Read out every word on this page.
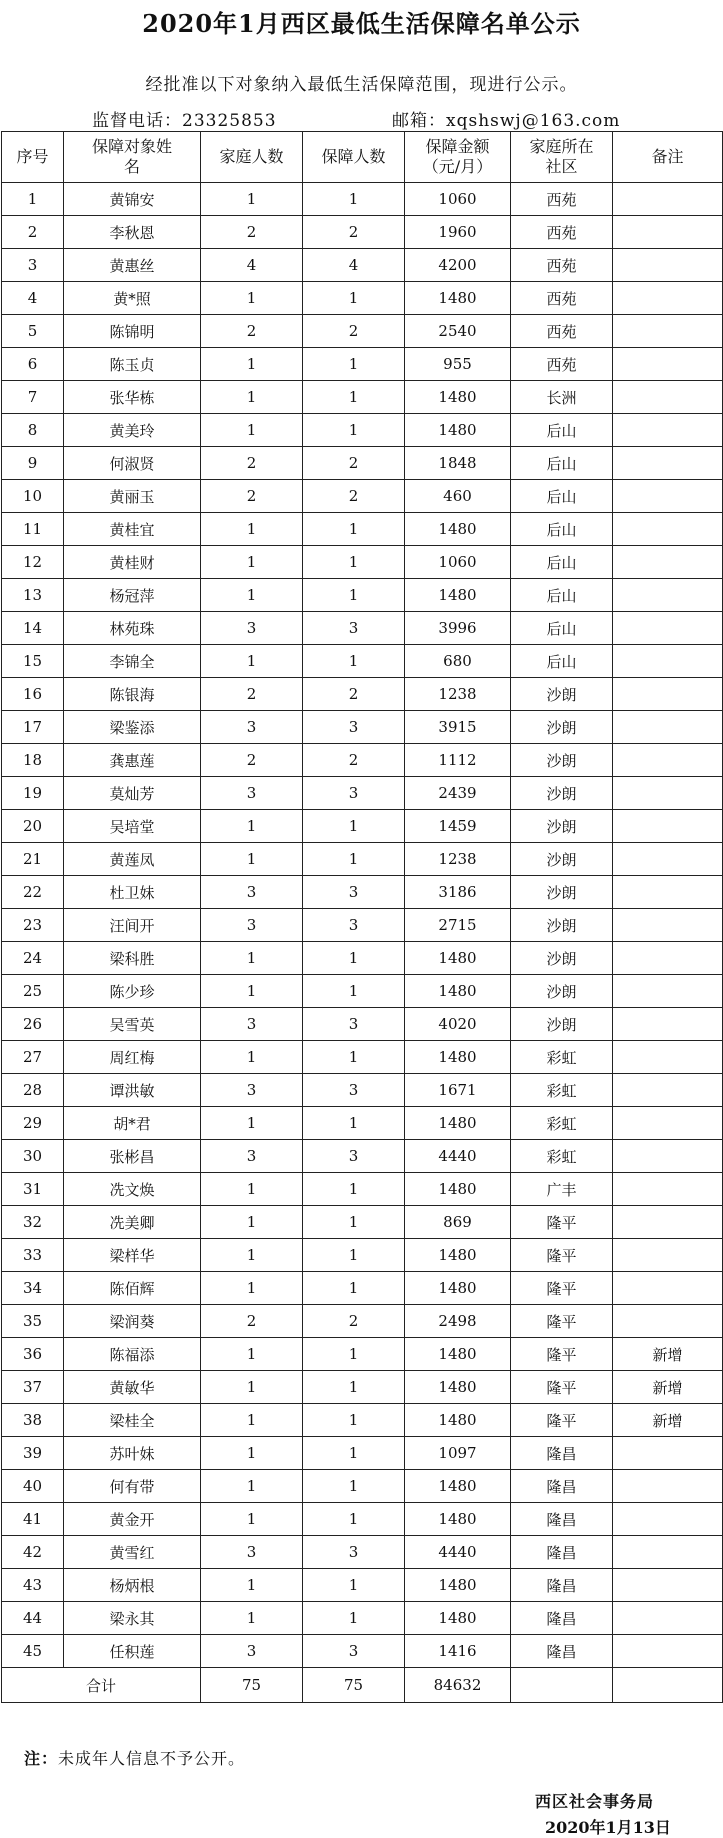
2020年1月西区最低生活保障名单公示
经批准以下对象纳入最低生活保障范围，现进行公示。
监督电话：23325853	邮箱：xqshswj@163.com
序号	保障对象姓名	家庭人数	保障人数	保障金额（元/月）	家庭所在社区	备注
1	黄锦安	1	1	1060	西苑	
2	李秋恩	2	2	1960	西苑	
3	黄惠丝	4	4	4200	西苑	
4	黄*照	1	1	1480	西苑	
5	陈锦明	2	2	2540	西苑	
6	陈玉贞	1	1	955	西苑	
7	张华栋	1	1	1480	长洲	
8	黄美玲	1	1	1480	后山	
9	何淑贤	2	2	1848	后山	
10	黄丽玉	2	2	460	后山	
11	黄桂宜	1	1	1480	后山	
12	黄桂财	1	1	1060	后山	
13	杨冠萍	1	1	1480	后山	
14	林苑珠	3	3	3996	后山	
15	李锦全	1	1	680	后山	
16	陈银海	2	2	1238	沙朗	
17	梁鉴添	3	3	3915	沙朗	
18	龚惠莲	2	2	1112	沙朗	
19	莫灿芳	3	3	2439	沙朗	
20	吴培堂	1	1	1459	沙朗	
21	黄莲凤	1	1	1238	沙朗	
22	杜卫妹	3	3	3186	沙朗	
23	汪间开	3	3	2715	沙朗	
24	梁科胜	1	1	1480	沙朗	
25	陈少珍	1	1	1480	沙朗	
26	吴雪英	3	3	4020	沙朗	
27	周红梅	1	1	1480	彩虹	
28	谭洪敏	3	3	1671	彩虹	
29	胡*君	1	1	1480	彩虹	
30	张彬昌	3	3	4440	彩虹	
31	冼文焕	1	1	1480	广丰	
32	冼美卿	1	1	869	隆平	
33	梁样华	1	1	1480	隆平	
34	陈佰辉	1	1	1480	隆平	
35	梁润葵	2	2	2498	隆平	
36	陈福添	1	1	1480	隆平	新增
37	黄敏华	1	1	1480	隆平	新增
38	梁桂全	1	1	1480	隆平	新增
39	苏叶妹	1	1	1097	隆昌	
40	何有带	1	1	1480	隆昌	
41	黄金开	1	1	1480	隆昌	
42	黄雪红	3	3	4440	隆昌	
43	杨炳根	1	1	1480	隆昌	
44	梁永其	1	1	1480	隆昌	
45	任积莲	3	3	1416	隆昌	
合计		75	75	84632		
注：未成年人信息不予公开。
西区社会事务局
2020年1月13日
